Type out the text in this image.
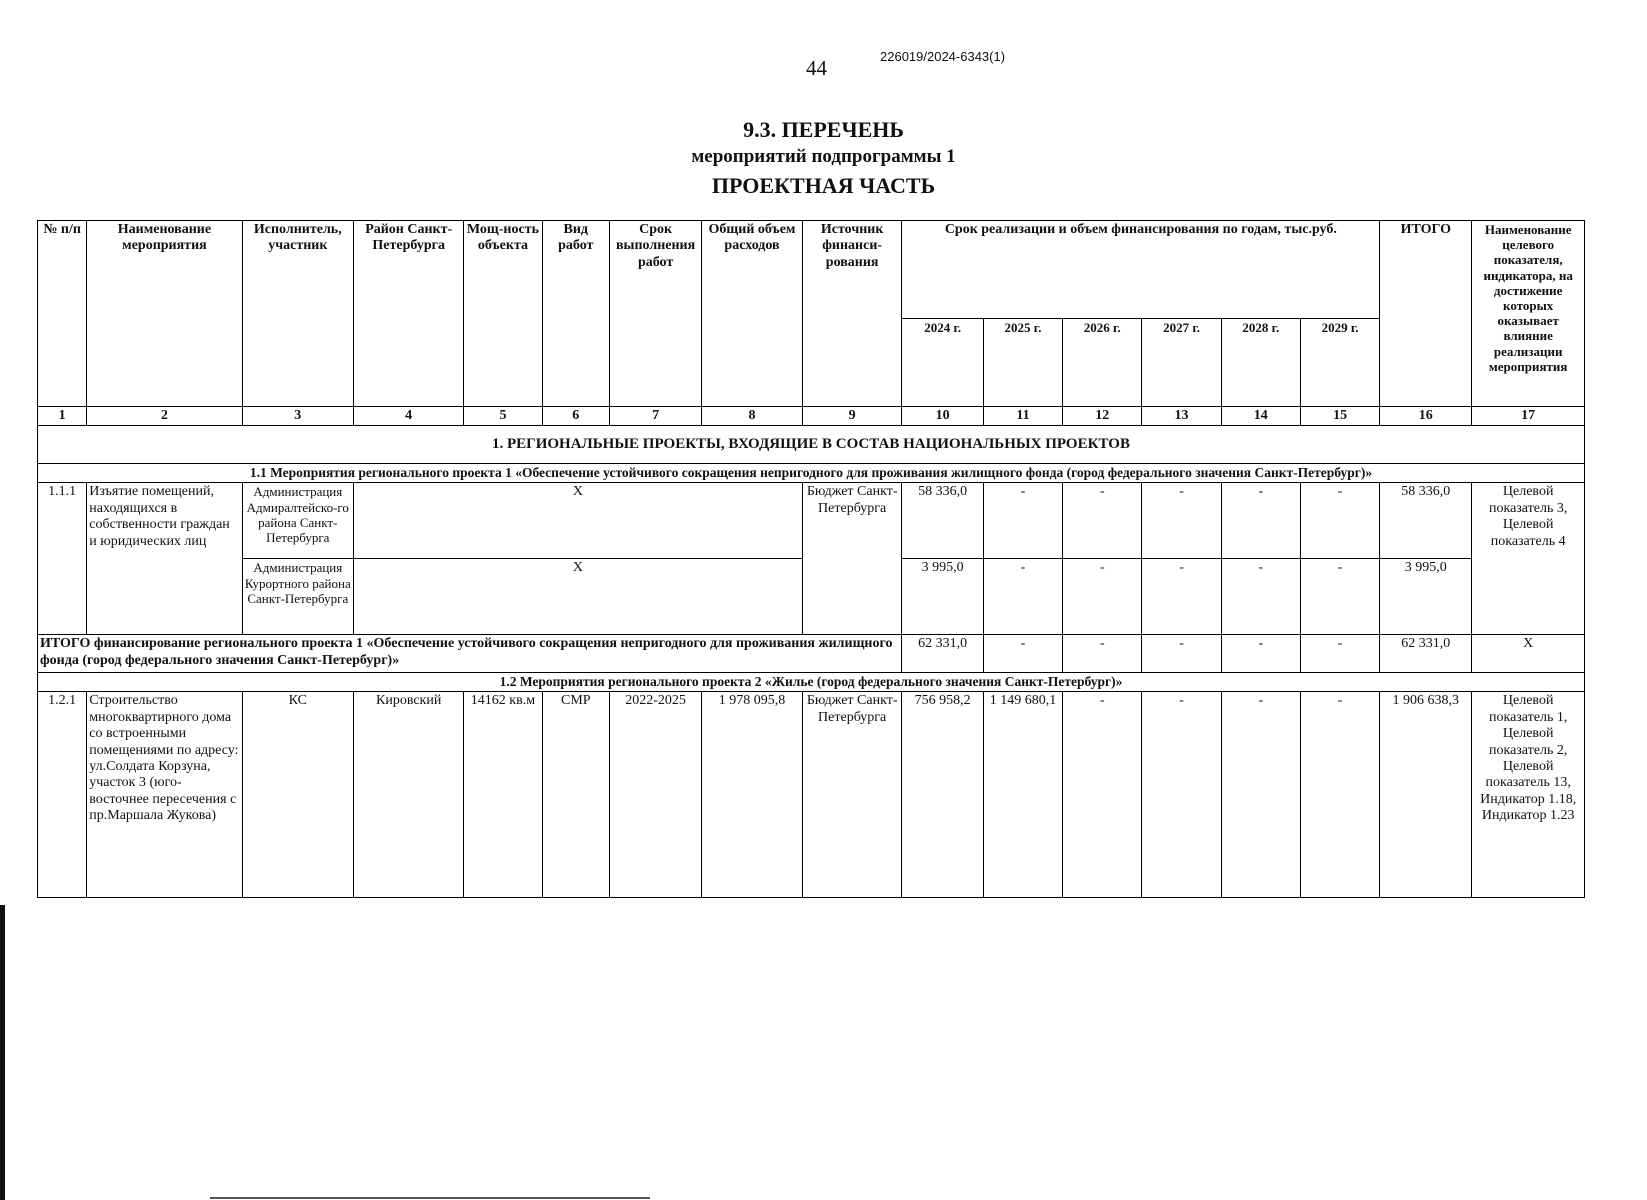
44	226019/2024-6343(1)
9.3. ПЕРЕЧЕНЬ
мероприятий подпрограммы 1
ПРОЕКТНАЯ ЧАСТЬ
№ п/п	Наименование мероприятия	Исполнитель, участник	Район Санкт-Петербурга	Мощ-ность объекта	Вид работ	Срок выполнения работ	Общий объем расходов	Источник финанси-рования	Срок реализации и объем финансирования по годам, тыс.руб.						ИТОГО	Наименование целевого показателя, индикатора, на достижение которых оказывает влияние реализации мероприятия
									2024 г.	2025 г.	2026 г.	2027 г.	2028 г.	2029 г.		
1	2	3	4	5	6	7	8	9	10	11	12	13	14	15	16	17
1. РЕГИОНАЛЬНЫЕ ПРОЕКТЫ, ВХОДЯЩИЕ В СОСТАВ НАЦИОНАЛЬНЫХ ПРОЕКТОВ																
1.1 Мероприятия регионального проекта 1 «Обеспечение устойчивого сокращения непригодного для проживания жилищного фонда (город федерального значения Санкт-Петербург)»																
1.1.1	Изъятие помещений, находящихся в собственности граждан и юридических лиц	Администрация Адмиралтейско-го района Санкт-Петербурга	X					Бюджет Санкт-Петербурга	58 336,0	-	-	-	-	-	58 336,0	Целевой показатель 3, Целевой показатель 4
		Администрация Курортного района Санкт-Петербурга	X						3 995,0	-	-	-	-	-	3 995,0	
ИТОГО финансирование регионального проекта 1 «Обеспечение устойчивого сокращения непригодного для проживания жилищного фонда (город федерального значения Санкт-Петербург)»									62 331,0	-	-	-	-	-	62 331,0	X
1.2 Мероприятия регионального проекта 2 «Жилье (город федерального значения Санкт-Петербург)»																
1.2.1	Строительство многоквартирного дома со встроенными помещениями по адресу: ул.Солдата Корзуна, участок 3 (юго-восточнее пересечения с пр.Маршала Жукова)	КС	Кировский	14162 кв.м	СМР	2022-2025	1 978 095,8	Бюджет Санкт-Петербурга	756 958,2	1 149 680,1	-	-	-	-	1 906 638,3	Целевой показатель 1, Целевой показатель 2, Целевой показатель 13, Индикатор 1.18, Индикатор 1.23
